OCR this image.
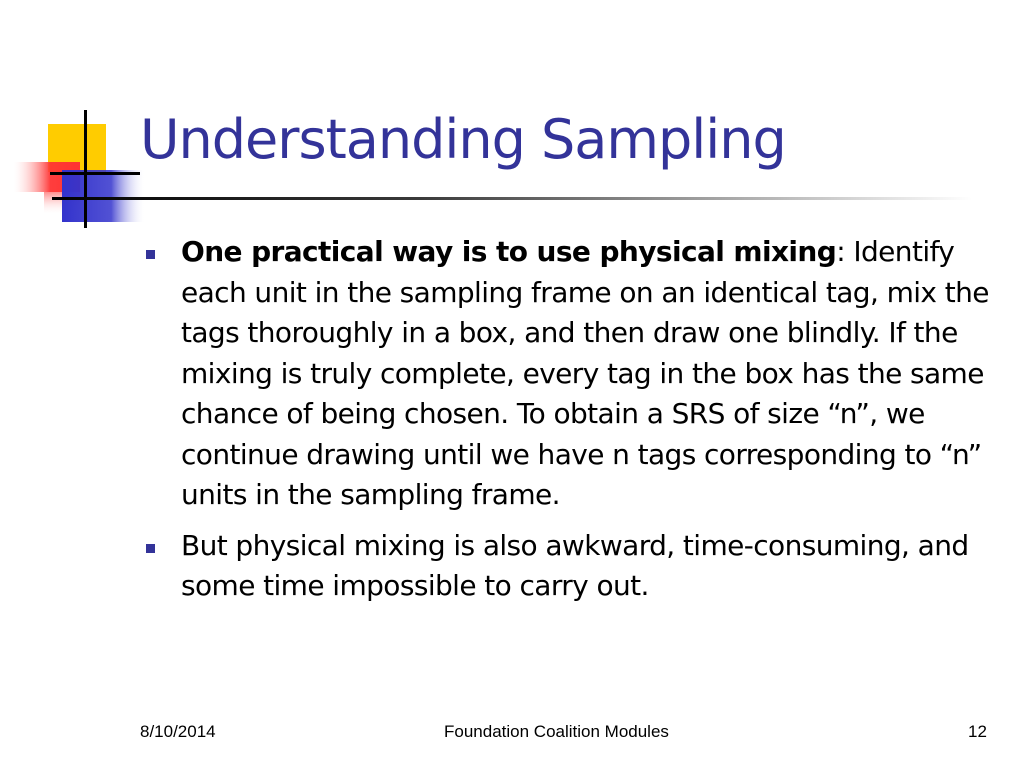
Understanding Sampling
One practical way is to use physical mixing: Identify each unit in the sampling frame on an identical tag, mix the tags thoroughly in a box, and then draw one blindly. If the mixing is truly complete, every tag in the box has the same chance of being chosen. To obtain a SRS of size “n”, we continue drawing until we have n tags corresponding to “n” units in the sampling frame.
But physical mixing is also awkward, time-consuming, and some time impossible to carry out.
8/10/2014	Foundation Coalition Modules	12
